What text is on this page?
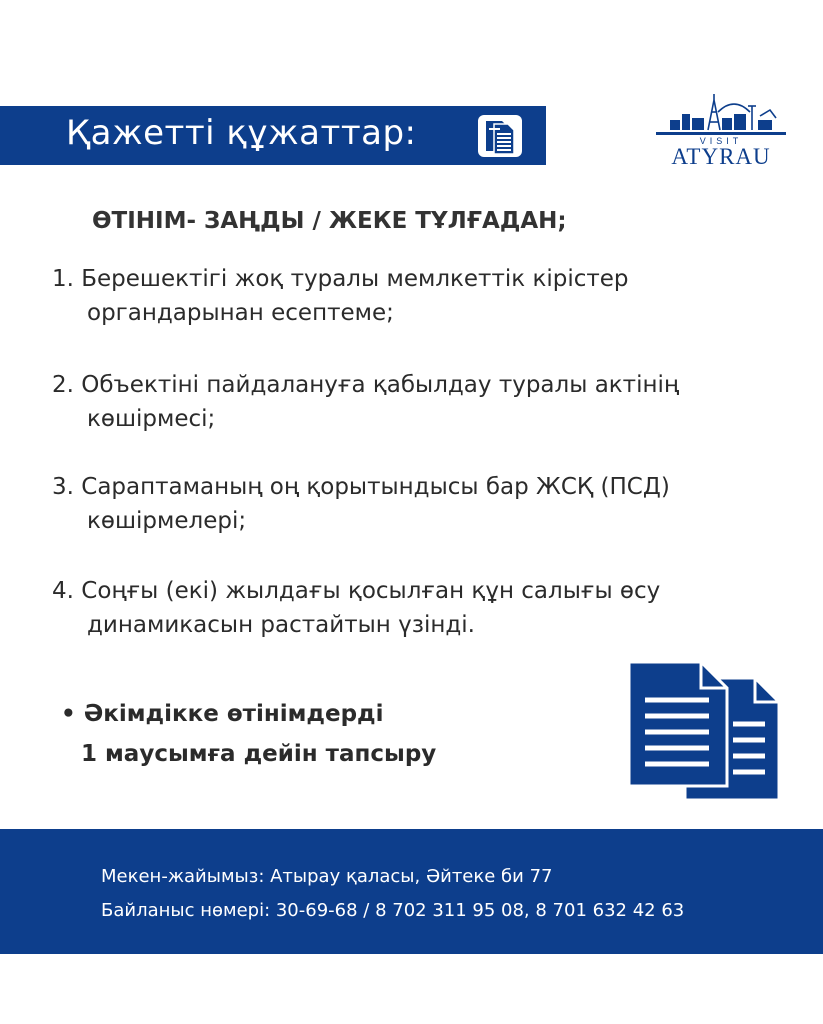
Қажетті құжаттар:	VISIT
ATYRAU
ӨТІНІМ- ЗАҢДЫ / ЖЕКЕ ТҰЛҒАДАН;
1. Берешектігі жоқ туралы мемлкеттік кірістер
органдарынан есептеме;
2. Объектіні пайдалануға қабылдау туралы актінің
көшірмесі;
3. Сараптаманың оң қорытындысы бар ЖСҚ (ПСД)
көшірмелері;
4. Соңғы (екі) жылдағы қосылған құн салығы өсу
динамикасын растайтын үзінді.
• Әкімдікке өтінімдерді
1 маусымға дейін тапсыру
Мекен-жайымыз: Атырау қаласы, Әйтеке би 77
Байланыс нөмері: 30-69-68 / 8 702 311 95 08, 8 701 632 42 63
